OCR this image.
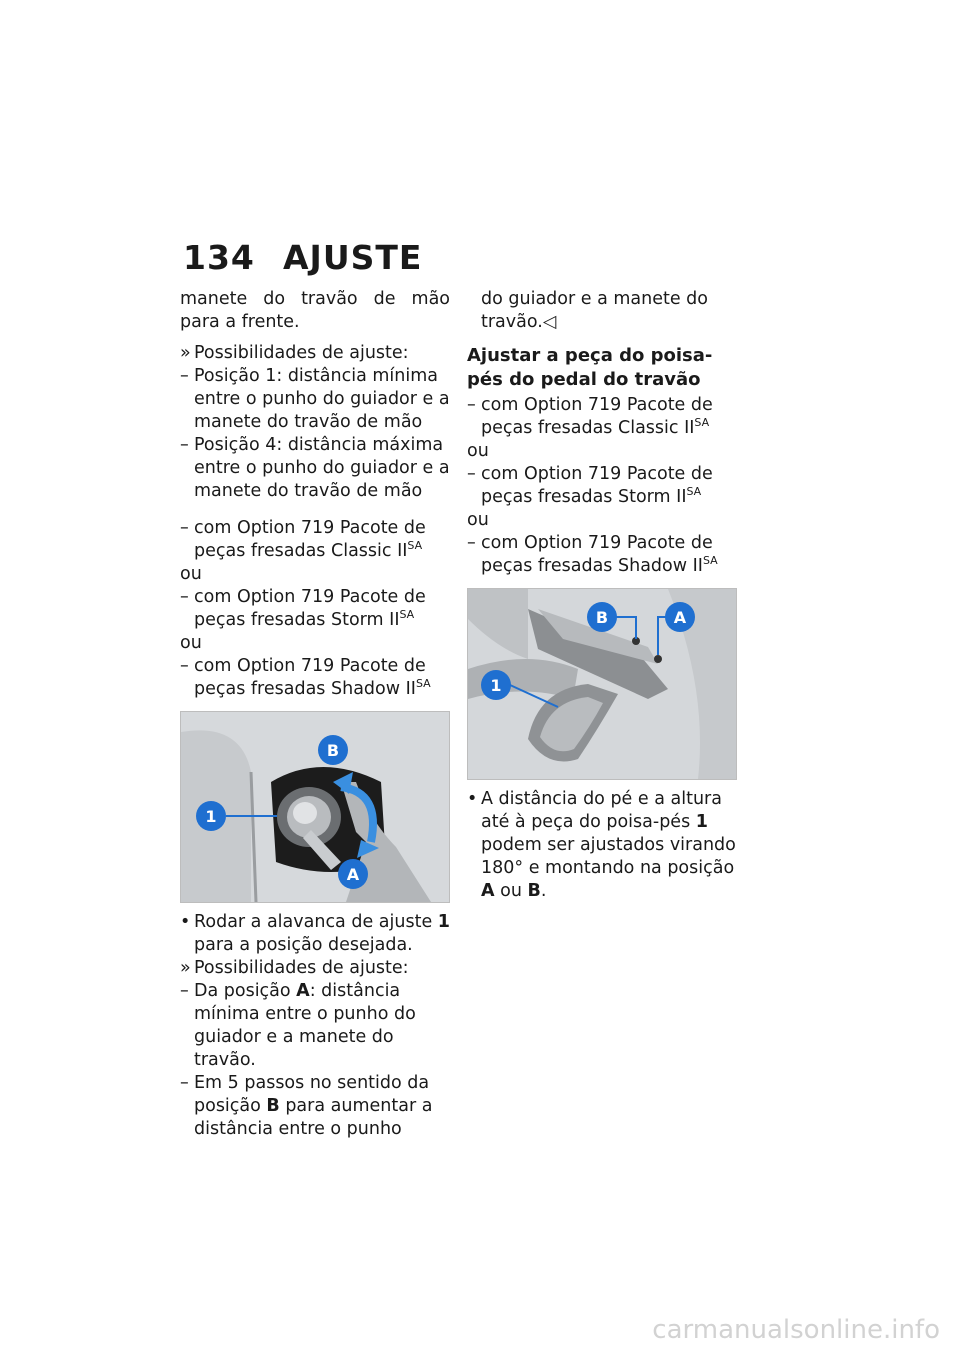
134 AJUSTE

manete do travão de mão para a frente.

» Possibilidades de ajuste:
– Posição 1: distância mínima entre o punho do guiador e a manete do travão de mão
– Posição 4: distância máxima entre o punho do guiador e a manete do travão de mão
– com Option 719 Pacote de peças fresadas Classic $II^{SA}$
ou
– com Option 719 Pacote de peças fresadas Storm $II^{SA}$
ou
– com Option 719 Pacote de peças fresadas Shadow $II^{SA}$
1
B
A
• Rodar a alavanca de ajuste 1 para a posição desejada.
» Possibilidades de ajuste:
– Da posição A: distância mínima entre o punho do guiador e a manete do travão.
– Em 5 passos no sentido da posição B para aumentar a distância entre o punho
do guiador e a manete do travão.◁
Ajustar a peça do poisa-pés do pedal do travão
– com Option 719 Pacote de peças fresadas Classic $II^{SA}$
ou
– com Option 719 Pacote de peças fresadas Storm $II^{SA}$
ou
– com Option 719 Pacote de peças fresadas Shadow $II^{SA}$
B	A
1
• A distância do pé e a altura até à peça do poisa-pés 1 podem ser ajustados virando 180° e montando na posição A ou B.
carmanualsonline.info
